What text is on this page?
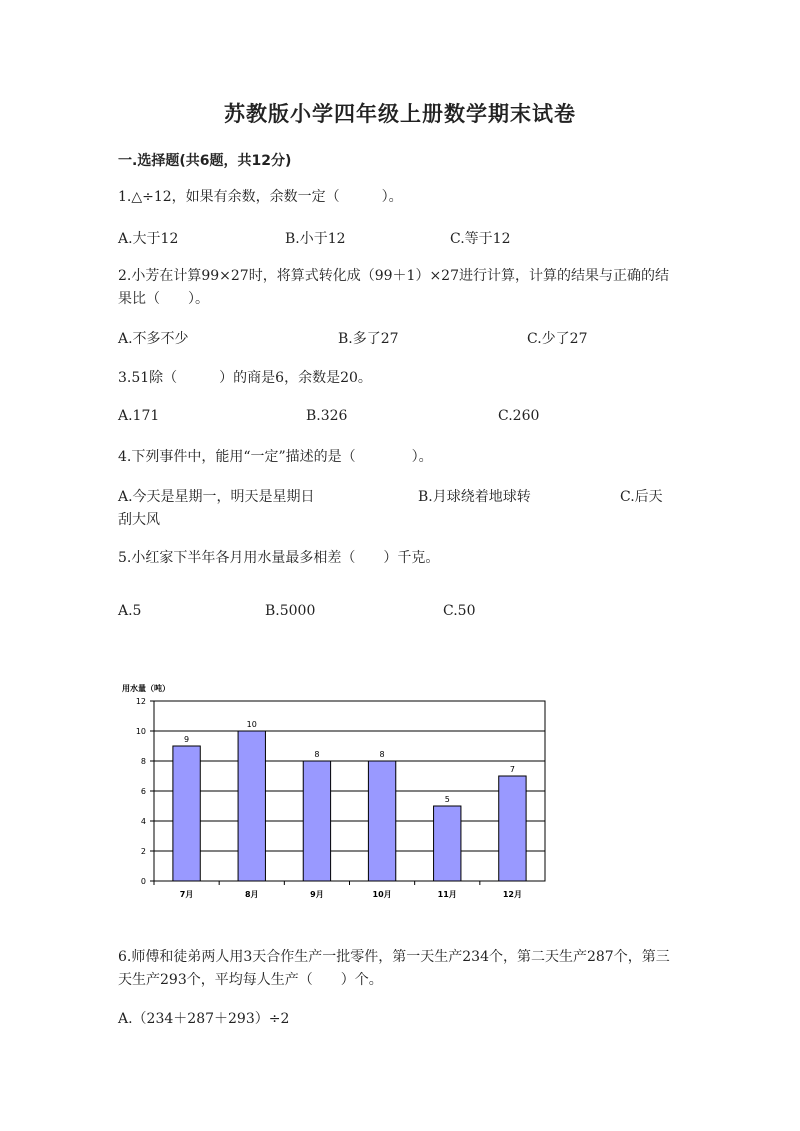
苏教版小学四年级上册数学期末试卷
一.选择题(共6题，共12分)
1.△÷12，如果有余数，余数一定（　　　）。
A.大于12	B.小于12	C.等于12
2.小芳在计算99×27时，将算式转化成（99＋1）×27进行计算，计算的结果与正确的结果比（　　）。
A.不多不少	B.多了27	C.少了27
3.51除（　　　）的商是6，余数是20。
A.171	B.326	C.260
4.下列事件中，能用“一定”描述的是（　　　　）。
A.今天是星期一，明天是星期日	B.月球绕着地球转	C.后天
刮大风
5.小红家下半年各月用水量最多相差（　　）千克。
A.5	B.5000	C.50
用水量（吨）
0
2
4
6
8
10
12
9
7月
10
8月
8
9月
8
10月
5
11月
7
12月
6.师傅和徒弟两人用3天合作生产一批零件，第一天生产234个，第二天生产287个，第三天生产293个，平均每人生产（　　）个。
A.（234＋287＋293）÷2
